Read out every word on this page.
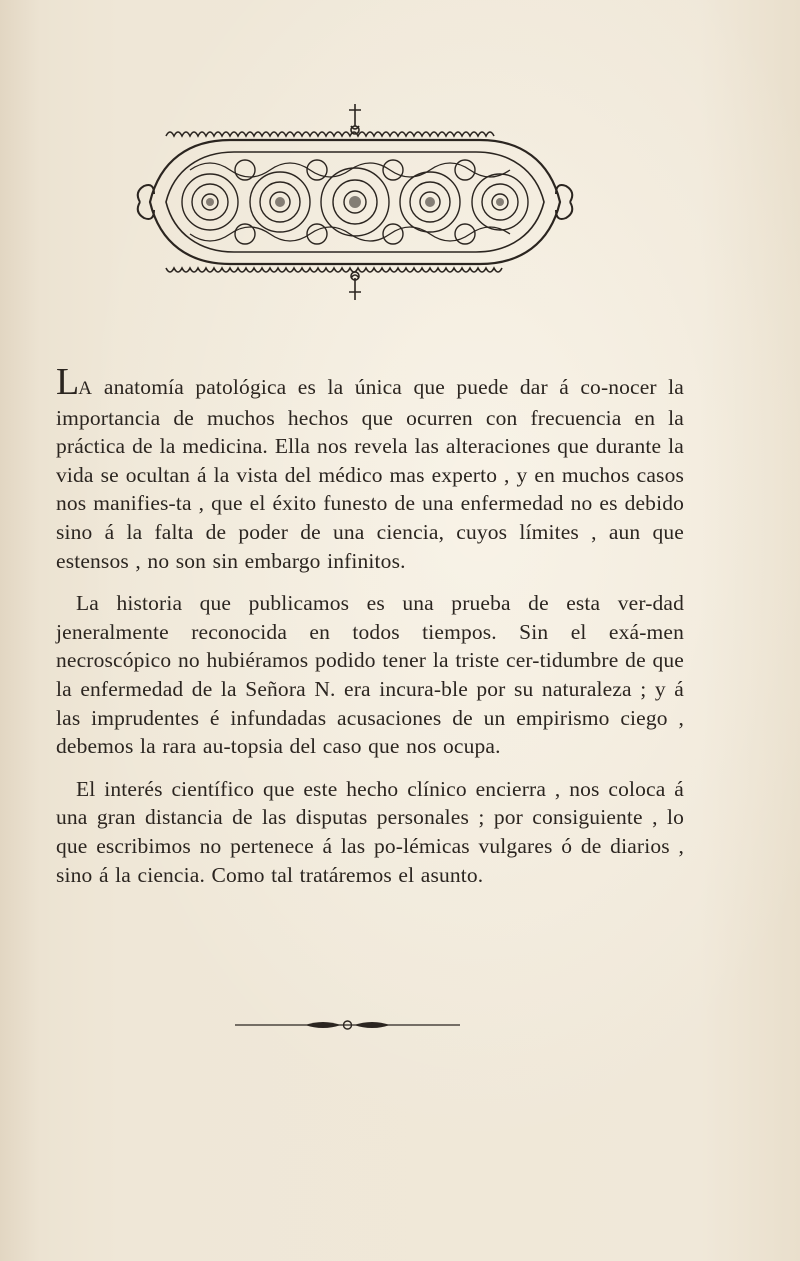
LA anatomía patológica es la única que puede dar á co-nocer la importancia de muchos hechos que ocurren con frecuencia en la práctica de la medicina. Ella nos revela las alteraciones que durante la vida se ocultan á la vista del médico mas experto , y en muchos casos nos manifies-ta , que el éxito funesto de una enfermedad no es debido sino á la falta de poder de una ciencia, cuyos límites , aun que estensos , no son sin embargo infinitos.

La historia que publicamos es una prueba de esta ver-dad jeneralmente reconocida en todos tiempos. Sin el exá-men necroscópico no hubiéramos podido tener la triste cer-tidumbre de que la enfermedad de la Señora N. era incura-ble por su naturaleza ; y á las imprudentes é infundadas acusaciones de un empirismo ciego , debemos la rara au-topsia del caso que nos ocupa.

El interés científico que este hecho clínico encierra , nos coloca á una gran distancia de las disputas personales ; por consiguiente , lo que escribimos no pertenece á las po-lémicas vulgares ó de diarios , sino á la ciencia. Como tal tratáremos el asunto.
